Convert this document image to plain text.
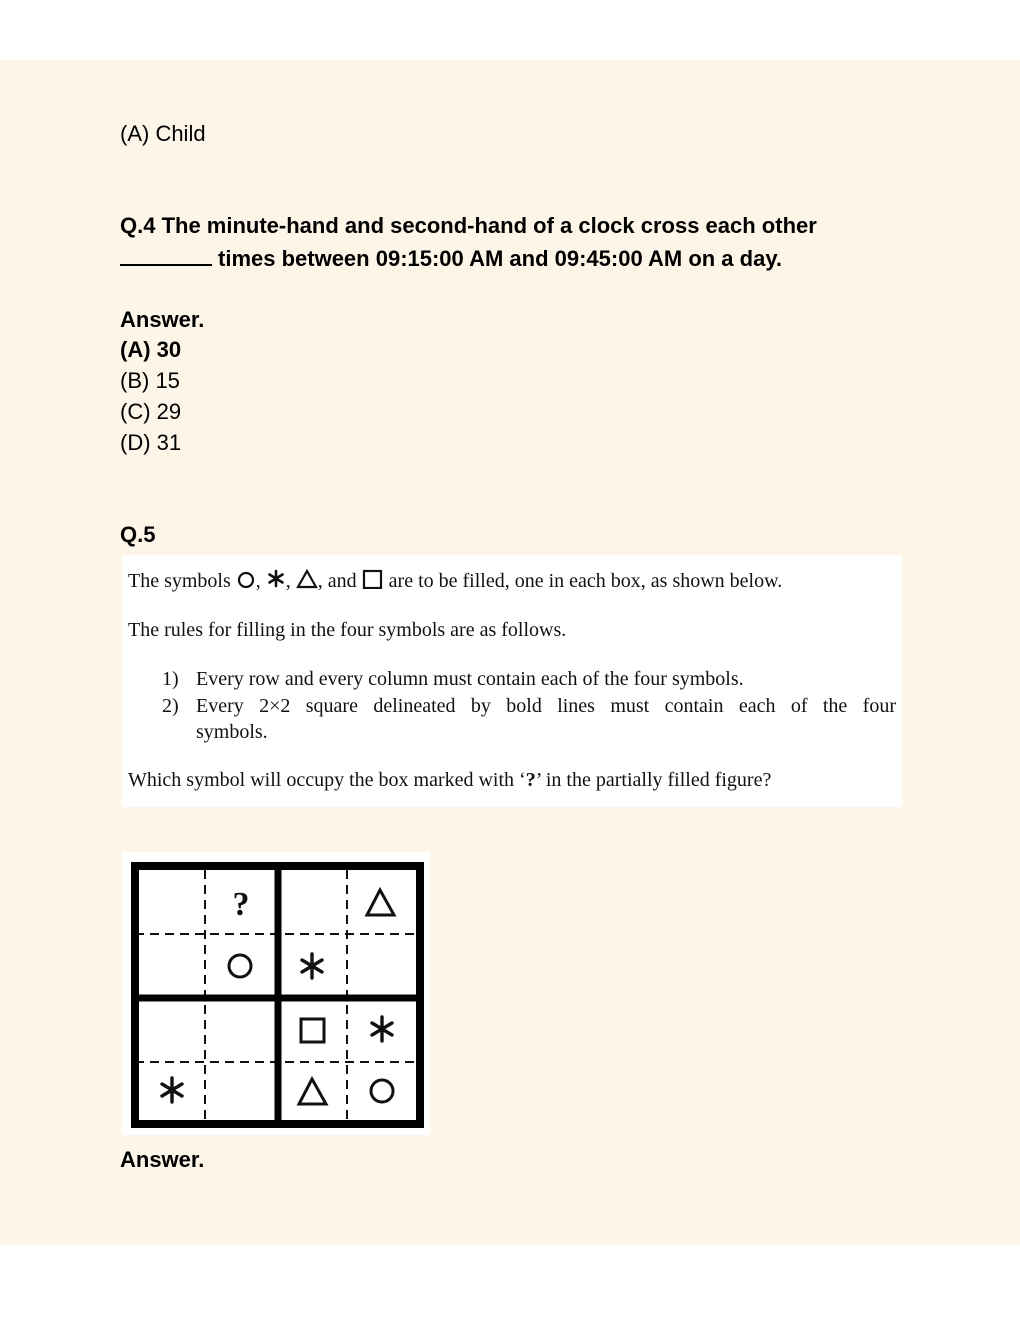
(A) Child
Q.4 The minute-hand and second-hand of a clock cross each other
times between 09:15:00 AM and 09:45:00 AM on a day.
Answer.
(A) 30
(B) 15
(C) 29
(D) 31
Q.5
The symbols , , , and are to be filled, one in each box, as shown below.
The rules for filling in the four symbols are as follows.
1) Every row and every column must contain each of the four symbols.
2) Every 2×2 square delineated by bold lines must contain each of the four
symbols.
Which symbol will occupy the box marked with ‘?’ in the partially filled figure?
?
Answer.
